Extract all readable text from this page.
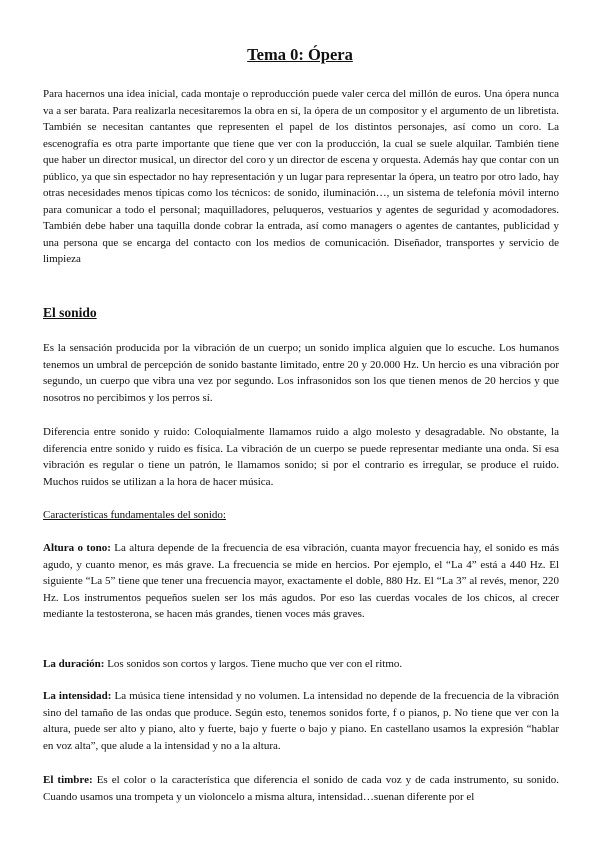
Tema 0: Ópera

Para hacernos una idea inicial, cada montaje o reproducción puede valer cerca del millón de euros. Una ópera nunca va a ser barata. Para realizarla necesitaremos la obra en sí, la ópera de un compositor y el argumento de un libretista. También se necesitan cantantes que representen el papel de los distintos personajes, así como un coro. La escenografía es otra parte importante que tiene que ver con la producción, la cual se suele alquilar. También tiene que haber un director musical, un director del coro y un director de escena y orquesta. Además hay que contar con un público, ya que sin espectador no hay representación y un lugar para representar la ópera, un teatro por otro lado, hay otras necesidades menos típicas como los técnicos: de sonido, iluminación…, un sistema de telefonía móvil interno para comunicar a todo el personal; maquilladores, peluqueros, vestuarios y agentes de seguridad y acomodadores. También debe haber una taquilla donde cobrar la entrada, así como managers o agentes de cantantes, publicidad y una persona que se encarga del contacto con los medios de comunicación. Diseñador, transportes y servicio de limpieza

El sonido

Es la sensación producida por la vibración de un cuerpo; un sonido implica alguien que lo escuche. Los humanos tenemos un umbral de percepción de sonido bastante limitado, entre 20 y 20.000 Hz. Un hercio es una vibración por segundo, un cuerpo que vibra una vez por segundo. Los infrasonidos son los que tienen menos de 20 hercios y que nosotros no percibimos y los perros sí.

Diferencia entre sonido y ruido: Coloquialmente llamamos ruido a algo molesto y desagradable. No obstante, la diferencia entre sonido y ruido es física. La vibración de un cuerpo se puede representar mediante una onda. Si esa vibración es regular o tiene un patrón, le llamamos sonido; si por el contrario es irregular, se produce el ruido. Muchos ruidos se utilizan a la hora de hacer música.

Características fundamentales del sonido:

Altura o tono: La altura depende de la frecuencia de esa vibración, cuanta mayor frecuencia hay, el sonido es más agudo, y cuanto menor, es más grave. La frecuencia se mide en hercios. Por ejemplo, el “La 4” está a 440 Hz. El siguiente “La 5” tiene que tener una frecuencia mayor, exactamente el doble, 880 Hz. El “La 3” al revés, menor, 220 Hz. Los instrumentos pequeños suelen ser los más agudos. Por eso las cuerdas vocales de los chicos, al crecer mediante la testosterona, se hacen más grandes, tienen voces más graves.

La duración: Los sonidos son cortos y largos. Tiene mucho que ver con el ritmo.

La intensidad: La música tiene intensidad y no volumen. La intensidad no depende de la frecuencia de la vibración sino del tamaño de las ondas que produce. Según esto, tenemos sonidos forte, f o pianos, p. No tiene que ver con la altura, puede ser alto y piano, alto y fuerte, bajo y fuerte o bajo y piano. En castellano usamos la expresión “hablar en voz alta”, que alude a la intensidad y no a la altura.

El timbre: Es el color o la característica que diferencia el sonido de cada voz y de cada instrumento, su sonido. Cuando usamos una trompeta y un violoncelo a misma altura, intensidad…suenan diferente por el
